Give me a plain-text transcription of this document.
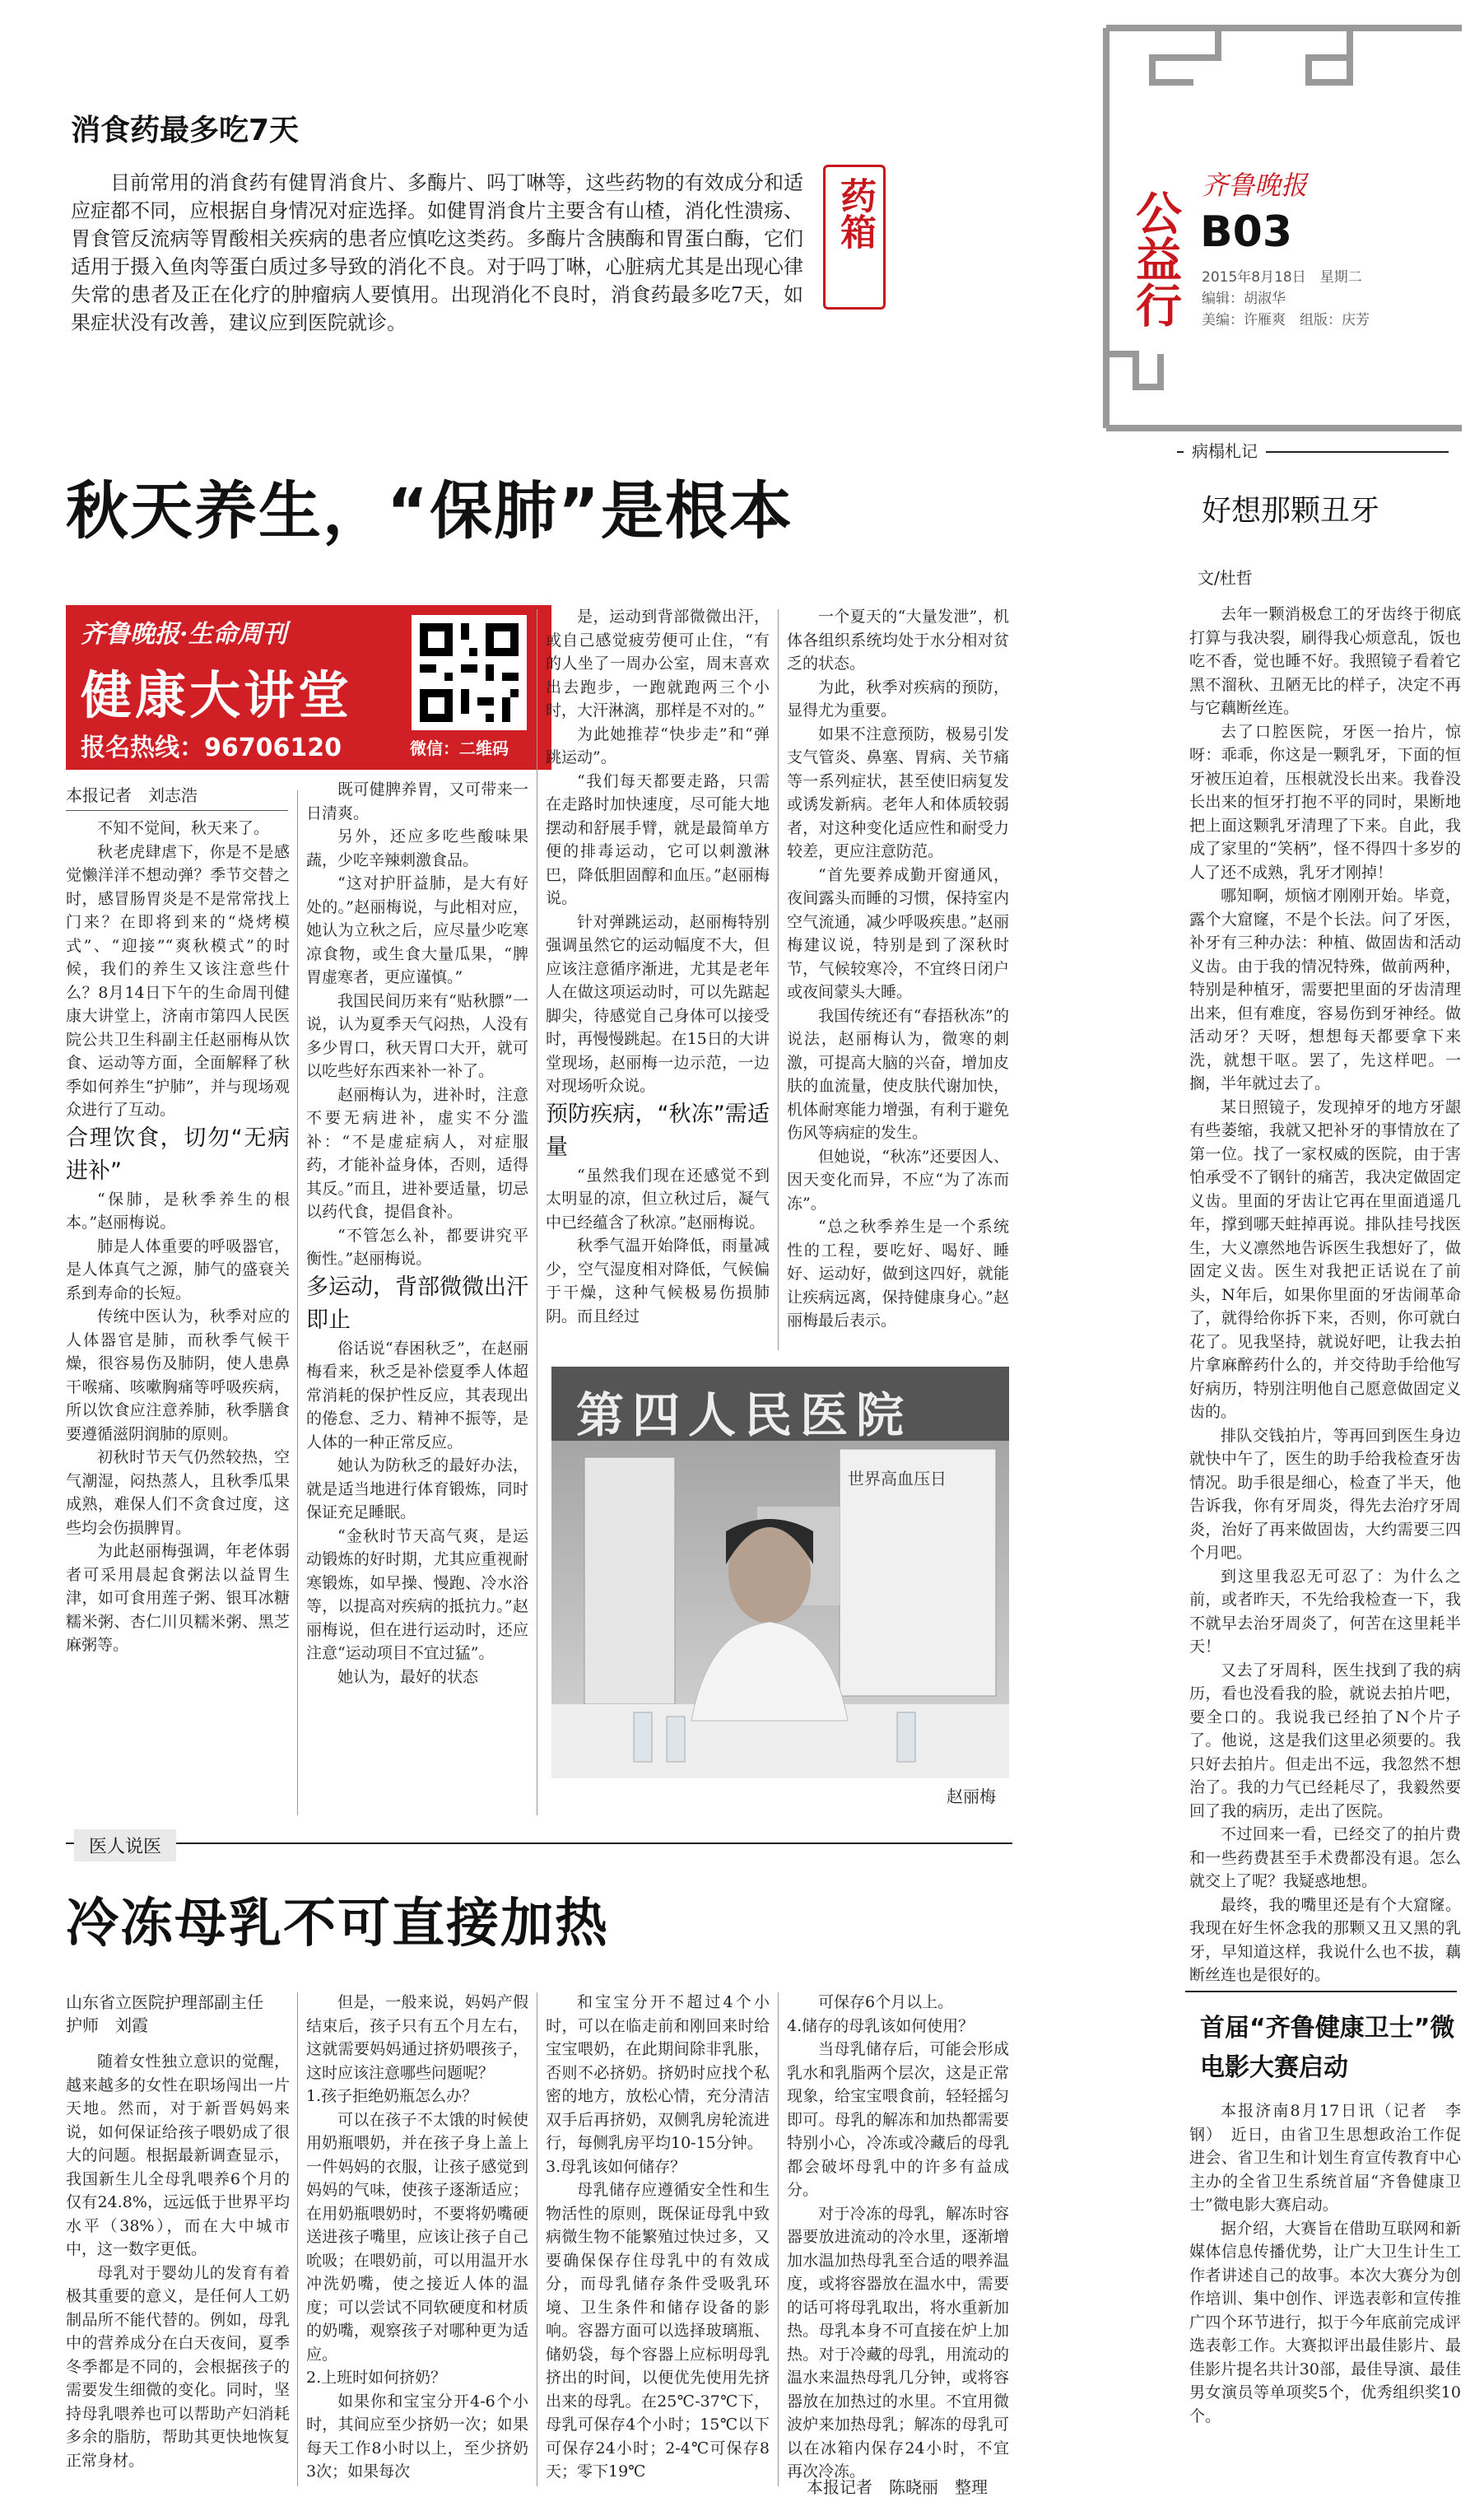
公益行
齐鲁晚报
B03
2015年8月18日　星期二
编辑：胡淑华
美编：许雁爽　组版：庆芳
药箱
消食药最多吃7天
目前常用的消食药有健胃消食片、多酶片、吗丁啉等，这些药物的有效成分和适应症都不同，应根据自身情况对症选择。如健胃消食片主要含有山楂，消化性溃疡、胃食管反流病等胃酸相关疾病的患者应慎吃这类药。多酶片含胰酶和胃蛋白酶，它们适用于摄入鱼肉等蛋白质过多导致的消化不良。对于吗丁啉，心脏病尤其是出现心律失常的患者及正在化疗的肿瘤病人要慎用。出现消化不良时，消食药最多吃7天，如果症状没有改善，建议应到医院就诊。
秋天养生，“保肺”是根本
齐鲁晚报·生命周刊
健康大讲堂
报名热线：96706120	微信：二维码
本报记者　刘志浩

不知不觉间，秋天来了。

秋老虎肆虐下，你是不是感觉懒洋洋不想动弹？季节交替之时，感冒肠胃炎是不是常常找上门来？在即将到来的“烧烤模式”、“迎接”“爽秋模式”的时候，我们的养生又该注意些什么？8月14日下午的生命周刊健康大讲堂上，济南市第四人民医院公共卫生科副主任赵丽梅从饮食、运动等方面，全面解释了秋季如何养生“护肺”，并与现场观众进行了互动。

合理饮食，切勿“无病进补”

“保肺，是秋季养生的根本。”赵丽梅说。

肺是人体重要的呼吸器官，是人体真气之源，肺气的盛衰关系到寿命的长短。

传统中医认为，秋季对应的人体器官是肺，而秋季气候干燥，很容易伤及肺阴，使人患鼻干喉痛、咳嗽胸痛等呼吸疾病，所以饮食应注意养肺，秋季膳食要遵循滋阴润肺的原则。

初秋时节天气仍然较热，空气潮湿，闷热蒸人，且秋季瓜果成熟，难保人们不贪食过度，这些均会伤损脾胃。

为此赵丽梅强调，年老体弱者可采用晨起食粥法以益胃生津，如可食用莲子粥、银耳冰糖糯米粥、杏仁川贝糯米粥、黑芝麻粥等。

既可健脾养胃，又可带来一日清爽。

另外，还应多吃些酸味果蔬，少吃辛辣刺激食品。

“这对护肝益肺，是大有好处的。”赵丽梅说，与此相对应，她认为立秋之后，应尽量少吃寒凉食物，或生食大量瓜果，“脾胃虚寒者，更应谨慎。”

我国民间历来有“贴秋膘”一说，认为夏季天气闷热，人没有多少胃口，秋天胃口大开，就可以吃些好东西来补一补了。

赵丽梅认为，进补时，注意不要无病进补，虚实不分滥补：“不是虚症病人，对症服药，才能补益身体，否则，适得其反。”而且，进补要适量，切忌以药代食，提倡食补。

“不管怎么补，都要讲究平衡性。”赵丽梅说。

多运动，背部微微出汗即止

俗话说“春困秋乏”，在赵丽梅看来，秋乏是补偿夏季人体超常消耗的保护性反应，其表现出的倦怠、乏力、精神不振等，是人体的一种正常反应。

她认为防秋乏的最好办法，就是适当地进行体育锻炼，同时保证充足睡眠。

“金秋时节天高气爽，是运动锻炼的好时期，尤其应重视耐寒锻炼，如早操、慢跑、冷水浴等，以提高对疾病的抵抗力。”赵丽梅说，但在进行运动时，还应注意“运动项目不宜过猛”。

她认为，最好的状态

是，运动到背部微微出汗，或自己感觉疲劳便可止住，“有的人坐了一周办公室，周末喜欢出去跑步，一跑就跑两三个小时，大汗淋漓，那样是不对的。”

为此她推荐“快步走”和“弹跳运动”。

“我们每天都要走路，只需在走路时加快速度，尽可能大地摆动和舒展手臂，就是最简单方便的排毒运动，它可以刺激淋巴，降低胆固醇和血压。”赵丽梅说。

针对弹跳运动，赵丽梅特别强调虽然它的运动幅度不大，但应该注意循序渐进，尤其是老年人在做这项运动时，可以先踮起脚尖，待感觉自己身体可以接受时，再慢慢跳起。在15日的大讲堂现场，赵丽梅一边示范，一边对现场听众说。

预防疾病，“秋冻”需适量

“虽然我们现在还感觉不到太明显的凉，但立秋过后，凝气中已经蕴含了秋凉。”赵丽梅说。

秋季气温开始降低，雨量减少，空气湿度相对降低，气候偏于干燥，这种气候极易伤损肺阴。而且经过

一个夏天的“大量发泄”，机体各组织系统均处于水分相对贫乏的状态。

为此，秋季对疾病的预防，显得尤为重要。

如果不注意预防，极易引发支气管炎、鼻塞、胃病、关节痛等一系列症状，甚至使旧病复发或诱发新病。老年人和体质较弱者，对这种变化适应性和耐受力较差，更应注意防范。

“首先要养成勤开窗通风，夜间露头而睡的习惯，保持室内空气流通，减少呼吸疾患。”赵丽梅建议说，特别是到了深秋时节，气候较寒冷，不宜终日闭户或夜间蒙头大睡。

我国传统还有“春捂秋冻”的说法，赵丽梅认为，微寒的刺激，可提高大脑的兴奋，增加皮肤的血流量，使皮肤代谢加快，机体耐寒能力增强，有利于避免伤风等病症的发生。

但她说，“秋冻”还要因人、因天变化而异，不应“为了冻而冻”。

“总之秋季养生是一个系统性的工程，要吃好、喝好、睡好、运动好，做到这四好，就能让疾病远离，保持健康身心。”赵丽梅最后表示。

第四人民医院
世界高血压日
赵丽梅
病榻札记
好想那颗丑牙
文/杜哲

去年一颗消极怠工的牙齿终于彻底打算与我决裂，刷得我心烦意乱，饭也吃不香，觉也睡不好。我照镜子看着它黑不溜秋、丑陋无比的样子，决定不再与它藕断丝连。

去了口腔医院，牙医一抬片，惊呀：乖乖，你这是一颗乳牙，下面的恒牙被压迫着，压根就没长出来。我眷没长出来的恒牙打抱不平的同时，果断地把上面这颗乳牙清理了下来。自此，我成了家里的“笑柄”，怪不得四十多岁的人了还不成熟，乳牙才刚掉！

哪知啊，烦恼才刚刚开始。毕竟，露个大窟窿，不是个长法。问了牙医，补牙有三种办法：种植、做固齿和活动义齿。由于我的情况特殊，做前两种，特别是种植牙，需要把里面的牙齿清理出来，但有难度，容易伤到牙神经。做活动牙？天呀，想想每天都要拿下来洗，就想干呕。罢了，先这样吧。一搁，半年就过去了。

某日照镜子，发现掉牙的地方牙龈有些萎缩，我就又把补牙的事情放在了第一位。找了一家权威的医院，由于害怕承受不了钢针的痛苦，我决定做固定义齿。里面的牙齿让它再在里面逍遥几年，撑到哪天蛀掉再说。排队挂号找医生，大义凛然地告诉医生我想好了，做固定义齿。医生对我把正话说在了前头，N年后，如果你里面的牙齿闹革命了，就得给你拆下来，否则，你可就白花了。见我坚持，就说好吧，让我去拍片拿麻醉药什么的，并交待助手给他写好病历，特别注明他自己愿意做固定义齿的。

排队交钱拍片，等再回到医生身边就快中午了，医生的助手给我检查牙齿情况。助手很是细心，检查了半天，他告诉我，你有牙周炎，得先去治疗牙周炎，治好了再来做固齿，大约需要三四个月吧。

到这里我忍无可忍了：为什么之前，或者昨天，不先给我检查一下，我不就早去治牙周炎了，何苦在这里耗半天！

又去了牙周科，医生找到了我的病历，看也没看我的脸，就说去拍片吧，要全口的。我说我已经拍了N个片子了。他说，这是我们这里必须要的。我只好去拍片。但走出不远，我忽然不想治了。我的力气已经耗尽了，我毅然要回了我的病历，走出了医院。

不过回来一看，已经交了的拍片费和一些药费甚至手术费都没有退。怎么就交上了呢？我疑惑地想。

最终，我的嘴里还是有个大窟窿。我现在好生怀念我的那颗又丑又黑的乳牙，早知道这样，我说什么也不拔，藕断丝连也是很好的。

首届“齐鲁健康卫士”微电影大赛启动

本报济南8月17日讯（记者　李钢）　近日，由省卫生思想政治工作促进会、省卫生和计划生育宣传教育中心主办的全省卫生系统首届“齐鲁健康卫士”微电影大赛启动。

据介绍，大赛旨在借助互联网和新媒体信息传播优势，让广大卫生计生工作者讲述自己的故事。本次大赛分为创作培训、集中创作、评选表彰和宣传推广四个环节进行，拟于今年底前完成评选表彰工作。大赛拟评出最佳影片、最佳影片提名共计30部，最佳导演、最佳男女演员等单项奖5个，优秀组织奖10个。

医人说医
冷冻母乳不可直接加热
山东省立医院护理部副主任
护师　刘霞

随着女性独立意识的觉醒，越来越多的女性在职场闯出一片天地。然而，对于新晋妈妈来说，如何保证给孩子喂奶成了很大的问题。根据最新调查显示，我国新生儿全母乳喂养6个月的仅有24.8%，远远低于世界平均水平（38%），而在大中城市中，这一数字更低。

母乳对于婴幼儿的发育有着极其重要的意义，是任何人工奶制品所不能代替的。例如，母乳中的营养成分在白天夜间，夏季冬季都是不同的，会根据孩子的需要发生细微的变化。同时，坚持母乳喂养也可以帮助产妇消耗多余的脂肪，帮助其更快地恢复正常身材。

但是，一般来说，妈妈产假结束后，孩子只有五个月左右，这就需要妈妈通过挤奶喂孩子，这时应该注意哪些问题呢？

1.孩子拒绝奶瓶怎么办？

可以在孩子不太饿的时候使用奶瓶喂奶，并在孩子身上盖上一件妈妈的衣服，让孩子感觉到妈妈的气味，使孩子逐渐适应；在用奶瓶喂奶时，不要将奶嘴硬送进孩子嘴里，应该让孩子自己吮吸；在喂奶前，可以用温开水冲洗奶嘴，使之接近人体的温度；可以尝试不同软硬度和材质的奶嘴，观察孩子对哪种更为适应。

2.上班时如何挤奶？

如果你和宝宝分开4-6个小时，其间应至少挤奶一次；如果每天工作8小时以上，至少挤奶3次；如果每次

和宝宝分开不超过4个小时，可以在临走前和刚回来时给宝宝喂奶，在此期间除非乳胀，否则不必挤奶。挤奶时应找个私密的地方，放松心情，充分清洁双手后再挤奶，双侧乳房轮流进行，每侧乳房平均10-15分钟。

3.母乳该如何储存？

母乳储存应遵循安全性和生物活性的原则，既保证母乳中致病微生物不能繁殖过快过多，又要确保保存住母乳中的有效成分，而母乳储存条件受吸乳环境、卫生条件和储存设备的影响。容器方面可以选择玻璃瓶、储奶袋，每个容器上应标明母乳挤出的时间，以便优先使用先挤出来的母乳。在25℃-37℃下，母乳可保存4个小时；15℃以下可保存24小时；2-4℃可保存8天；零下19℃

可保存6个月以上。

4.储存的母乳该如何使用？

当母乳储存后，可能会形成乳水和乳脂两个层次，这是正常现象，给宝宝喂食前，轻轻摇匀即可。母乳的解冻和加热都需要特别小心，冷冻或冷藏后的母乳都会破坏母乳中的许多有益成分。

对于冷冻的母乳，解冻时容器要放进流动的冷水里，逐渐增加水温加热母乳至合适的喂养温度，或将容器放在温水中，需要的话可将母乳取出，将水重新加热。母乳本身不可直接在炉上加热。对于冷藏的母乳，用流动的温水来温热母乳几分钟，或将容器放在加热过的水里。不宜用微波炉来加热母乳；解冻的母乳可以在冰箱内保存24小时，不宜再次冷冻。

本报记者　陈晓丽　整理
